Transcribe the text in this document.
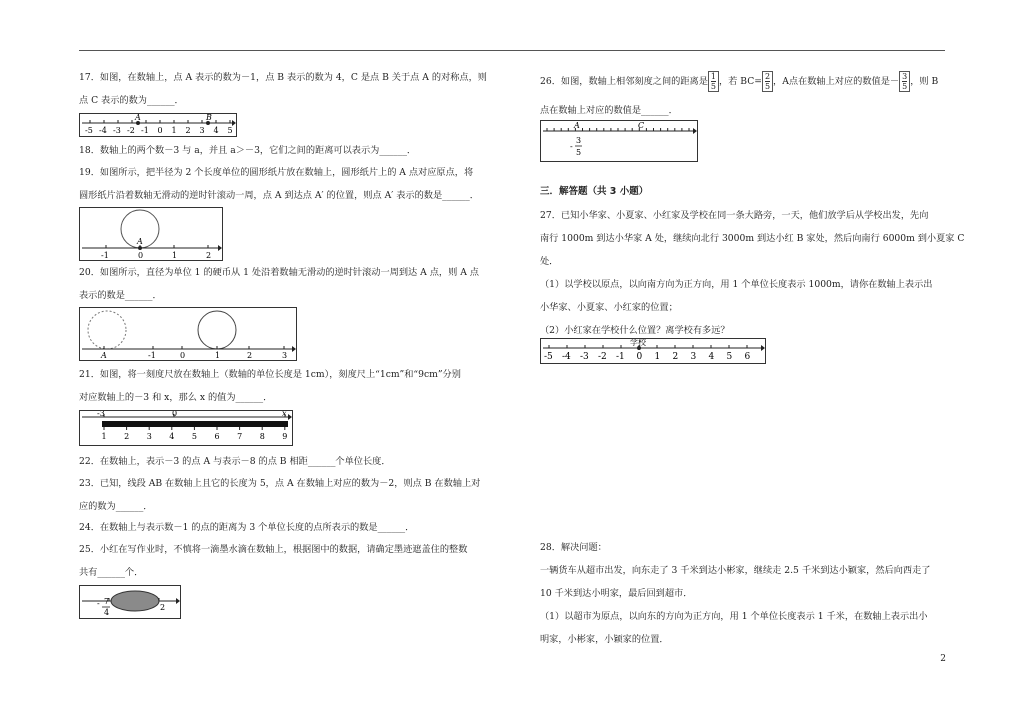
17．如图，在数轴上，点 A 表示的数为－1，点 B 表示的数为 4，C 是点 B 关于点 A 的对称点，则
点 C 表示的数为______．
-5 -4 -3 -2 -1 0 1 2 3 4 5
A	B
18．数轴上的两个数－3 与 a，并且 a＞－3，它们之间的距离可以表示为______．
19．如图所示，把半径为 2 个长度单位的圆形纸片放在数轴上，圆形纸片上的 A 点对应原点，将
圆形纸片沿着数轴无滑动的逆时针滚动一周，点 A 到达点 A′ 的位置，则点 A′ 表示的数是______．
A
-1	0	1	2
20．如图所示，直径为单位 1 的硬币从 1 处沿着数轴无滑动的逆时针滚动一周到达 A 点，则 A 点
表示的数是______．
A	-1	0	1	2	3
21．如图，将一刻度尺放在数轴上（数轴的单位长度是 1cm），刻度尺上“1cm”和“9cm”分别
对应数轴上的－3 和 x，那么 x 的值为______．
-3	0	x
1 2 3 4 5 6 7 8 9
22．在数轴上，表示－3 的点 A 与表示－8 的点 B 相距______个单位长度．
23．已知，线段 AB 在数轴上且它的长度为 5，点 A 在数轴上对应的数为－2，则点 B 在数轴上对
应的数为______．
24．在数轴上与表示数－1 的点的距离为 3 个单位长度的点所表示的数是______．
25．小红在写作业时，不慎将一滴墨水滴在数轴上，根据图中的数据，请确定墨迹遮盖住的整数
共有______个．
- 7
4
2
26．如图，数轴上相邻刻度之间的距离是$\frac{1}{5}$ ，若 $BC=\frac{2}{5}$ ，A点在数轴上对应的数值是$-\frac{3}{5}$ ，则 B
点在数轴上对应的数值是______．
A	C
-
3
5
三．解答题（共 3 小题）
27．已知小华家、小夏家、小红家及学校在同一条大路旁，一天，他们放学后从学校出发，先向
南行 1000m 到达小华家 A 处，继续向北行 3000m 到达小红 B 家处，然后向南行 6000m 到小夏家 C
处．
（1）以学校以原点，以向南方向为正方向，用 1 个单位长度表示 1000m，请你在数轴上表示出
小华家、小夏家、小红家的位置；
（2）小红家在学校什么位置？离学校有多远？
-5 -4 -3 -2 -1 0 1 2 3 4 5 6
学校
28．解决问题：
一辆货车从超市出发，向东走了 3 千米到达小彬家，继续走 2.5 千米到达小颖家，然后向西走了
10 千米到达小明家，最后回到超市．
（1）以超市为原点，以向东的方向为正方向，用 1 个单位长度表示 1 千米，在数轴上表示出小
明家，小彬家，小颖家的位置．
2
